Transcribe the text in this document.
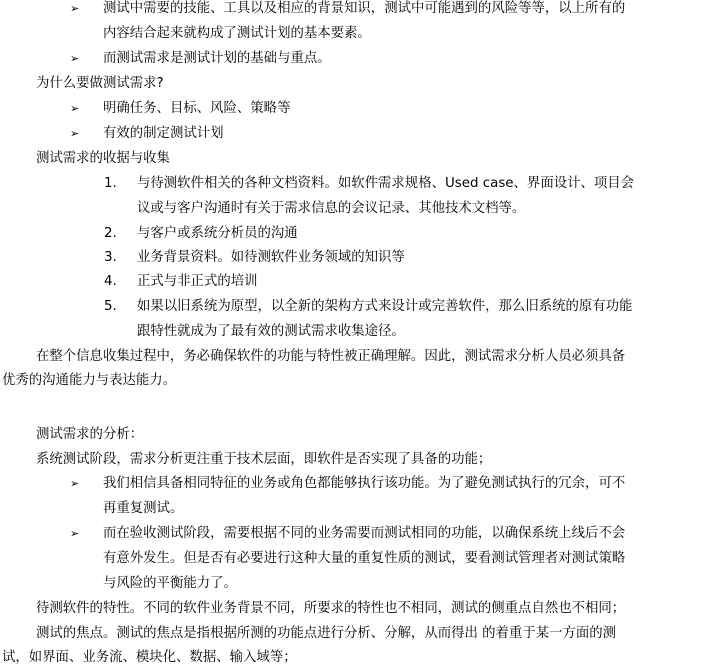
➢ 测试中需要的技能、工具以及相应的背景知识，测试中可能遇到的风险等等，以上所有的
内容结合起来就构成了测试计划的基本要素。
➢ 而测试需求是测试计划的基础与重点。
为什么要做测试需求?
➢ 明确任务、目标、风险、策略等
➢ 有效的制定测试计划
测试需求的收据与收集
1. 与待测软件相关的各种文档资料。如软件需求规格、Used case、界面设计、项目会
议或与客户沟通时有关于需求信息的会议记录、其他技术文档等。
2. 与客户或系统分析员的沟通
3. 业务背景资料。如待测软件业务领域的知识等
4. 正式与非正式的培训
5. 如果以旧系统为原型，以全新的架构方式来设计或完善软件，那么旧系统的原有功能
跟特性就成为了最有效的测试需求收集途径。
在整个信息收集过程中，务必确保软件的功能与特性被正确理解。因此，测试需求分析人员必须具备
优秀的沟通能力与表达能力。
测试需求的分析：
系统测试阶段，需求分析更注重于技术层面，即软件是否实现了具备的功能；
➢ 我们相信具备相同特征的业务或角色都能够执行该功能。为了避免测试执行的冗余，可不
再重复测试。
➢ 而在验收测试阶段，需要根据不同的业务需要而测试相同的功能，以确保系统上线后不会
有意外发生。但是否有必要进行这种大量的重复性质的测试，要看测试管理者对测试策略
与风险的平衡能力了。
待测软件的特性。不同的软件业务背景不同，所要求的特性也不相同，测试的侧重点自然也不相同；
测试的焦点。测试的焦点是指根据所测的功能点进行分析、分解，从而得出 的着重于某一方面的测
试，如界面、业务流、模块化、数据、输入域等；
